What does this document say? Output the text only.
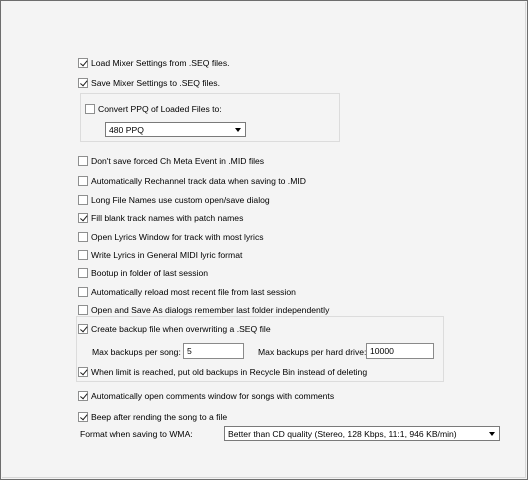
Load Mixer Settings from .SEQ files.
Save Mixer Settings to .SEQ files.
Convert PPQ of Loaded Files to:
480 PPQ
Don't save forced Ch Meta Event in .MID files
Automatically Rechannel track data when saving to .MID
Long File Names use custom open/save dialog
Fill blank track names with patch names
Open Lyrics Window for track with most lyrics
Write Lyrics in General MIDI lyric format
Bootup in folder of last session
Automatically reload most recent file from last session
Open and Save As dialogs remember last folder independently
Create backup file when overwriting a .SEQ file
Max backups per song: 5	Max backups per hard drive: 10000
When limit is reached, put old backups in Recycle Bin instead of deleting
Automatically open comments window for songs with comments
Beep after rending the song to a file
Format when saving to WMA:	Better than CD quality (Stereo, 128 Kbps, 11:1, 946 KB/min)
